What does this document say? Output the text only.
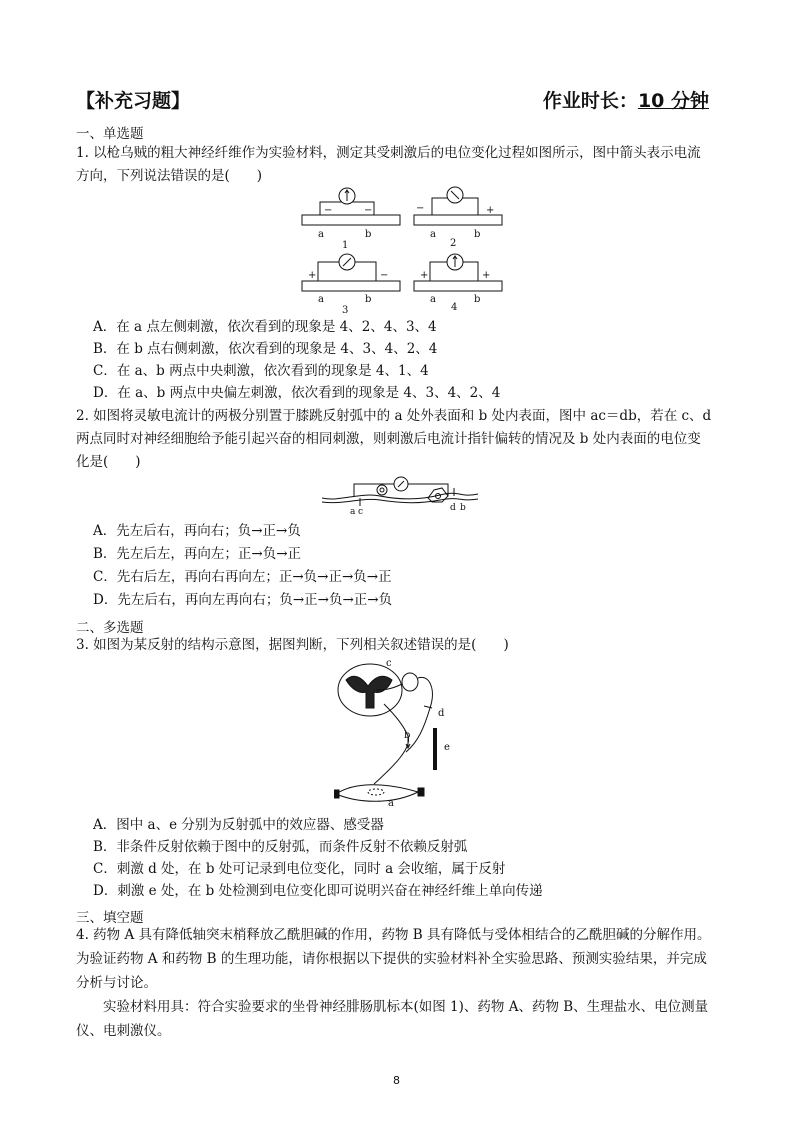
【补充习题】	作业时长：10 分钟
一、单选题
1. 以枪乌贼的粗大神经纤维作为实验材料，测定其受刺激后的电位变化过程如图所示，图中箭头表示电流
方向，下列说法错误的是(　　)
−	−
a	b
1
−	+
a	b
2
+	−
a	b
3
+	+
a	b
4
A．在 a 点左侧刺激，依次看到的现象是 4、2、4、3、4
B．在 b 点右侧刺激，依次看到的现象是 4、3、4、2、4
C．在 a、b 两点中央刺激，依次看到的现象是 4、1、4
D．在 a、b 两点中央偏左刺激，依次看到的现象是 4、3、4、2、4
2. 如图将灵敏电流计的两极分别置于膝跳反射弧中的 a 处外表面和 b 处内表面，图中 ac＝db，若在 c、d
两点同时对神经细胞给予能引起兴奋的相同刺激，则刺激后电流计指针偏转的情况及 b 处内表面的电位变
化是(　　)
a c	d b
A．先左后右，再向右；负→正→负
B．先左后左，再向左；正→负→正
C．先右后左，再向右再向左；正→负→正→负→正
D．先左后右，再向左再向右；负→正→负→正→负
二、多选题
3. 如图为某反射的结构示意图，据图判断，下列相关叙述错误的是(　　)
c
d
b
e
a
A．图中 a、e 分别为反射弧中的效应器、感受器
B．非条件反射依赖于图中的反射弧，而条件反射不依赖反射弧
C．刺激 d 处，在 b 处可记录到电位变化，同时 a 会收缩，属于反射
D．刺激 e 处，在 b 处检测到电位变化即可说明兴奋在神经纤维上单向传递
三、填空题
4. 药物 A 具有降低轴突末梢释放乙酰胆碱的作用，药物 B 具有降低与受体相结合的乙酰胆碱的分解作用。
为验证药物 A 和药物 B 的生理功能，请你根据以下提供的实验材料补全实验思路、预测实验结果，并完成
分析与讨论。
　　实验材料用具：符合实验要求的坐骨神经腓肠肌标本(如图 1)、药物 A、药物 B、生理盐水、电位测量
仪、电刺激仪。
8
